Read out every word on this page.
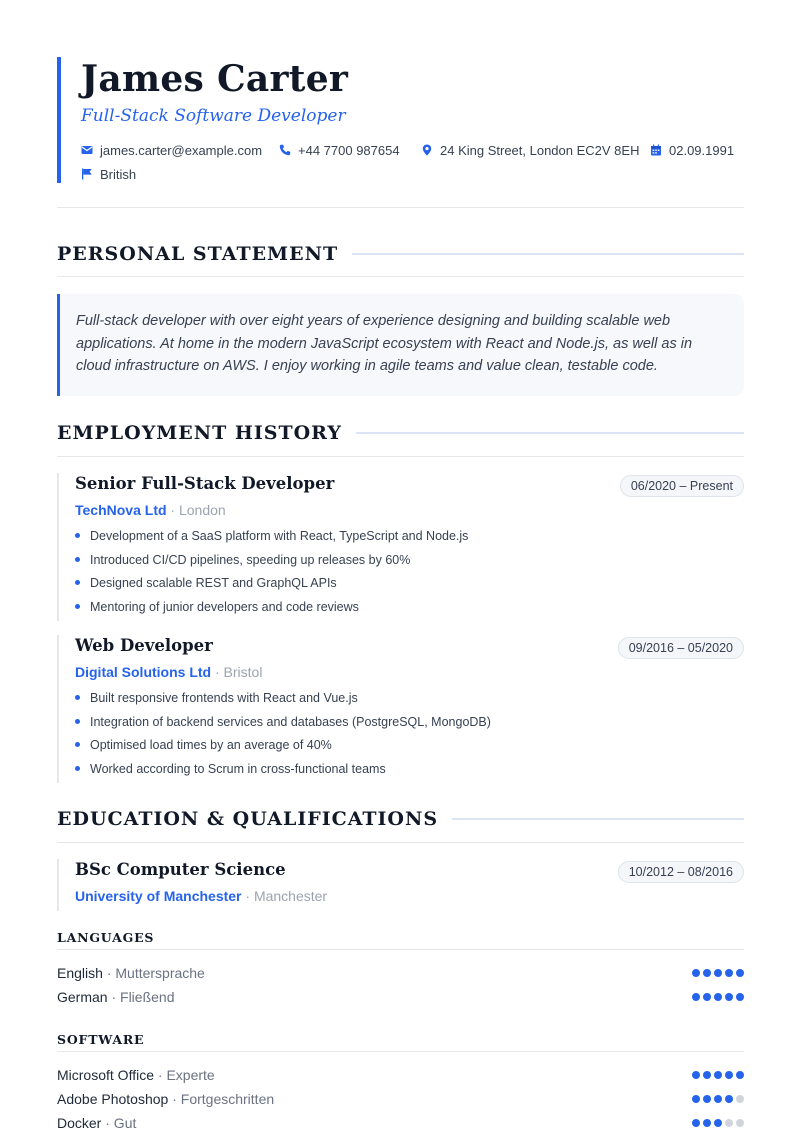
James Carter
Full-Stack Software Developer
james.carter@example.com	+44 7700 987654	24 King Street, London EC2V 8EH 02.09.1991
British
PERSONAL STATEMENT

Full-stack developer with over eight years of experience designing and building scalable web applications. At home in the modern JavaScript ecosystem with React and Node.js, as well as in cloud infrastructure on AWS. I enjoy working in agile teams and value clean, testable code.

EMPLOYMENT HISTORY
Senior Full-Stack Developer	06/2020 – Present
TechNova Ltd · London
Development of a SaaS platform with React, TypeScript and Node.js
Introduced CI/CD pipelines, speeding up releases by 60%
Designed scalable REST and GraphQL APIs
Mentoring of junior developers and code reviews
Web Developer	09/2016 – 05/2020
Digital Solutions Ltd · Bristol
Built responsive frontends with React and Vue.js
Integration of backend services and databases (PostgreSQL, MongoDB)
Optimised load times by an average of 40%
Worked according to Scrum in cross-functional teams
EDUCATION & QUALIFICATIONS
BSc Computer Science	10/2012 – 08/2016
University of Manchester · Manchester
LANGUAGES
English · Muttersprache
German · Fließend
SOFTWARE
Microsoft Office · Experte
Adobe Photoshop · Fortgeschritten
Docker · Gut
